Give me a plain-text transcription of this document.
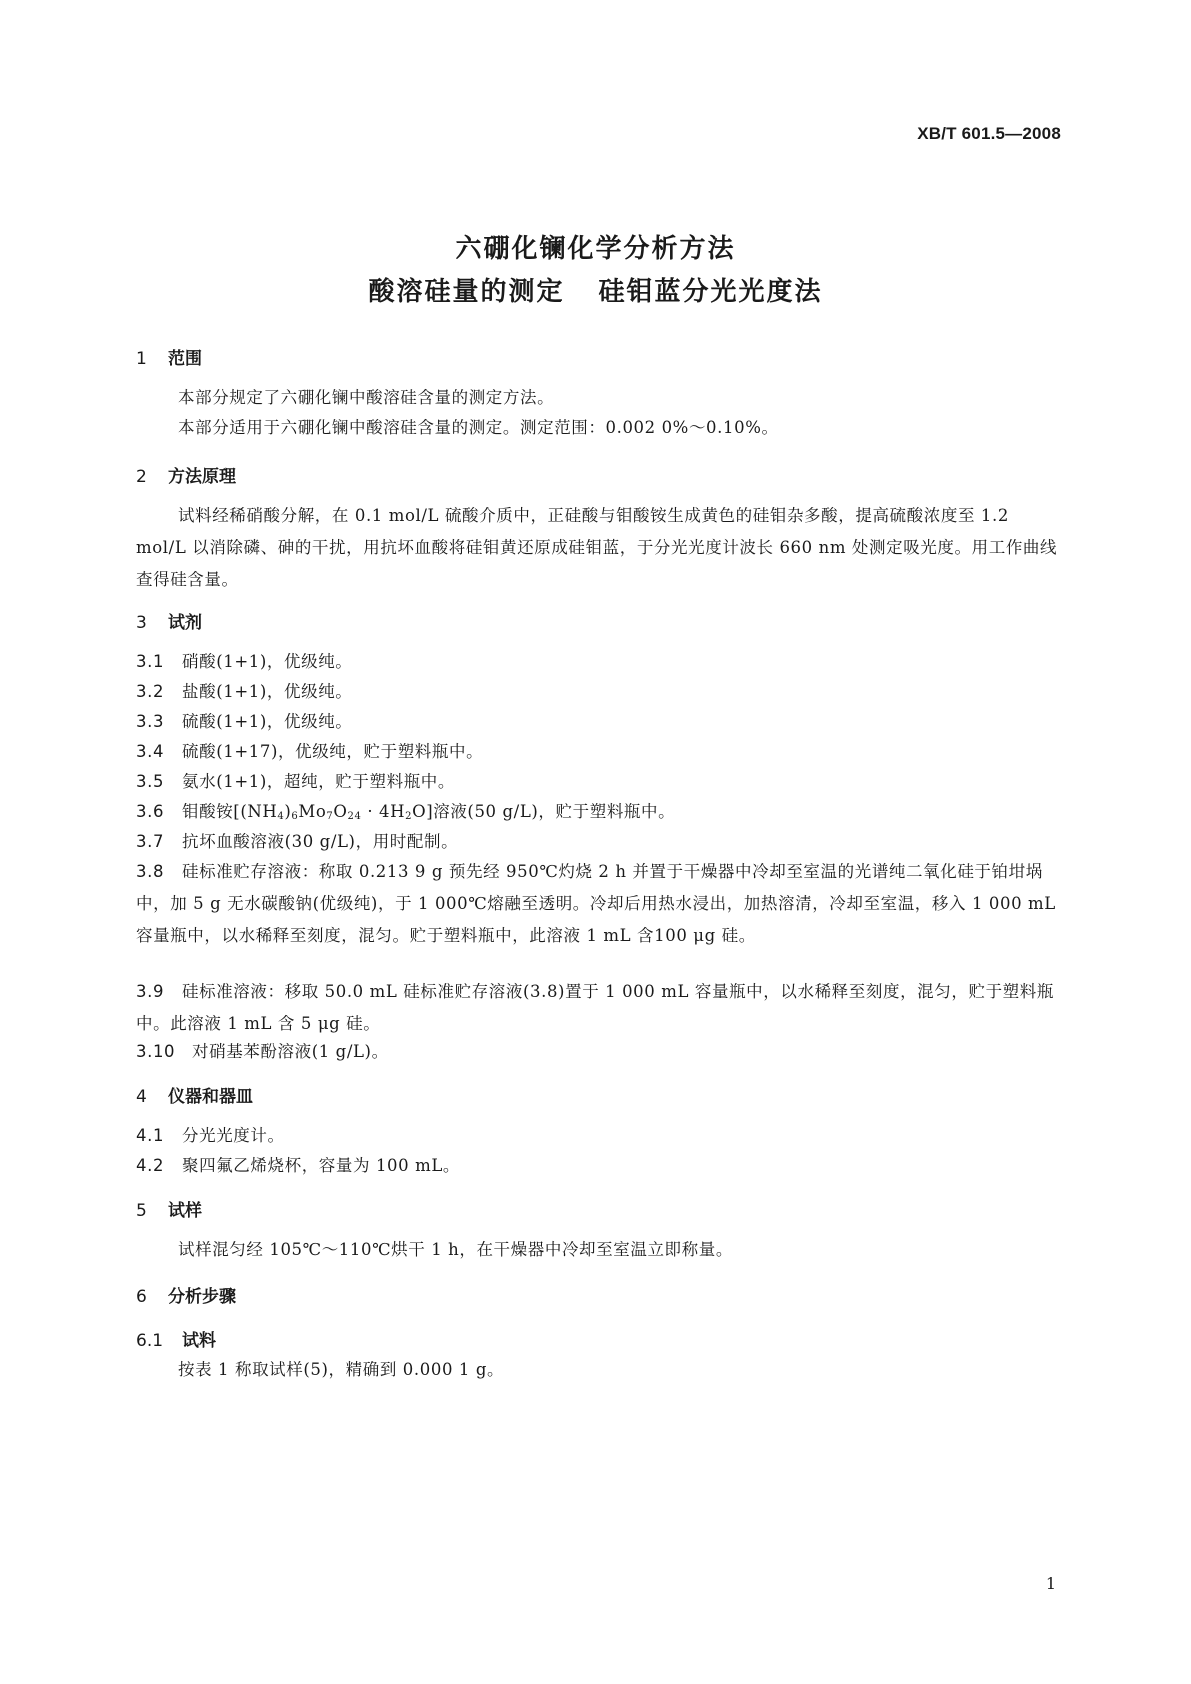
XB/T 601.5—2008
六硼化镧化学分析方法
酸溶硅量的测定 硅钼蓝分光光度法
1 范围
本部分规定了六硼化镧中酸溶硅含量的测定方法。
本部分适用于六硼化镧中酸溶硅含量的测定。测定范围：0.002 0%～0.10%。
2 方法原理
试料经稀硝酸分解，在 0.1 mol/L 硫酸介质中，正硅酸与钼酸铵生成黄色的硅钼杂多酸，提高硫酸浓度至 1.2 mol/L 以消除磷、砷的干扰，用抗坏血酸将硅钼黄还原成硅钼蓝，于分光光度计波长 660 nm 处测定吸光度。用工作曲线查得硅含量。
3 试剂
3.1 硝酸(1+1)，优级纯。
3.2 盐酸(1+1)，优级纯。
3.3 硫酸(1+1)，优级纯。
3.4 硫酸(1+17)，优级纯，贮于塑料瓶中。
3.5 氨水(1+1)，超纯，贮于塑料瓶中。
3.6 钼酸铵$[(NH_4)_6Mo_7O_{24} \cdot 4H_2O]$溶液(50 g/L)，贮于塑料瓶中。
3.7 抗坏血酸溶液(30 g/L)，用时配制。
3.8 硅标准贮存溶液：称取 0.213 9 g 预先经 950℃灼烧 2 h 并置于干燥器中冷却至室温的光谱纯二氧化硅于铂坩埚中，加 5 g 无水碳酸钠(优级纯)，于 1 000℃熔融至透明。冷却后用热水浸出，加热溶清，冷却至室温，移入 1 000 mL 容量瓶中，以水稀释至刻度，混匀。贮于塑料瓶中，此溶液 1 mL 含100 μg 硅。
3.9 硅标准溶液：移取 50.0 mL 硅标准贮存溶液(3.8)置于 1 000 mL 容量瓶中，以水稀释至刻度，混匀，贮于塑料瓶中。此溶液 1 mL 含 5 μg 硅。
3.10 对硝基苯酚溶液(1 g/L)。
4 仪器和器皿
4.1 分光光度计。
4.2 聚四氟乙烯烧杯，容量为 100 mL。
5 试样
试样混匀经 105℃～110℃烘干 1 h，在干燥器中冷却至室温立即称量。
6 分析步骤
6.1 试料
按表 1 称取试样(5)，精确到 0.000 1 g。
1
